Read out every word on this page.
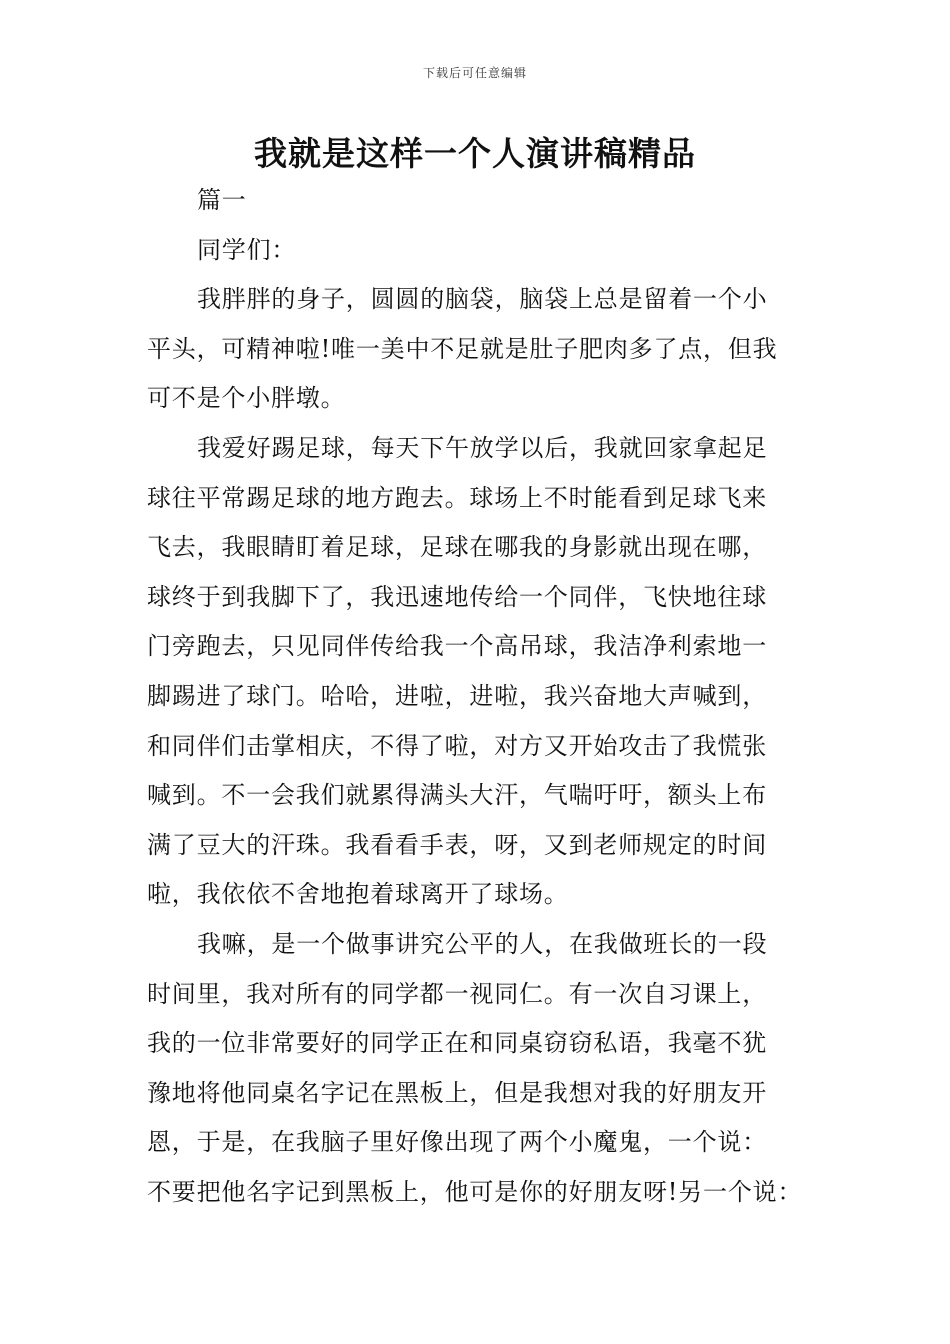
下载后可任意编辑
我就是这样一个人演讲稿精品
篇一
同学们：
我胖胖的身子，圆圆的脑袋，脑袋上总是留着一个小
平头，可精神啦!唯一美中不足就是肚子肥肉多了点，但我
可不是个小胖墩。
我爱好踢足球，每天下午放学以后，我就回家拿起足
球往平常踢足球的地方跑去。球场上不时能看到足球飞来
飞去，我眼睛盯着足球，足球在哪我的身影就出现在哪，
球终于到我脚下了，我迅速地传给一个同伴，飞快地往球
门旁跑去，只见同伴传给我一个高吊球，我洁净利索地一
脚踢进了球门。哈哈，进啦，进啦，我兴奋地大声喊到，
和同伴们击掌相庆，不得了啦，对方又开始攻击了我慌张
喊到。不一会我们就累得满头大汗，气喘吁吁，额头上布
满了豆大的汗珠。我看看手表，呀，又到老师规定的时间
啦，我依依不舍地抱着球离开了球场。
我嘛，是一个做事讲究公平的人，在我做班长的一段
时间里，我对所有的同学都一视同仁。有一次自习课上，
我的一位非常要好的同学正在和同桌窃窃私语，我毫不犹
豫地将他同桌名字记在黑板上，但是我想对我的好朋友开
恩，于是，在我脑子里好像出现了两个小魔鬼，一个说：
不要把他名字记到黑板上，他可是你的好朋友呀!另一个说：
